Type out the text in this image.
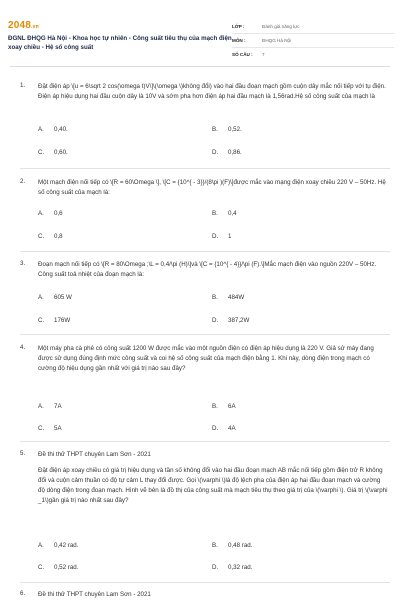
2048.vn
ĐGNL ĐHQG Hà Nội - Khoa học tự nhiên - Công suất tiêu thụ của mạch điện xoay chiều - Hệ số công suất
LỚP :	Đánh giá năng lực
MÔN :	ĐHQG Hà Nội
SỐ CÂU :	7
1. Đặt điện áp \[u = 6\sqrt 2 cos(\omega t)V\]\(\omega \)không đổi) vào hai đầu đoạn mạch gồm cuộn dây mắc nối tiếp với tụ điện. Điện áp hiệu dụng hai đầu cuộn dây là 10V và sớm pha hơn điện áp hai đầu mạch là 1,56rad.Hệ số công suất của mạch là
A. 0,40.	B. 0,52.
C. 0,60.	D. 0,86.
2. Một mạch điện nối tiếp có \[R = 60\Omega \], \[C = {10^{ - 3}}/(8\pi )(F)\]được mắc vào mạng điện xoay chiều 220 V – 50Hz. Hệ số công suất của mạch là:
A. 0,6	B. 0,4
C. 0,8	D. 1
3. Đoạn mạch nối tiếp có \[R = 80\Omega ;\L = 0,4/\pi (H)\]và \[C = {10^{ - 4}}/\pi (F).\]Mắc mạch điện vào nguồn 220V – 50Hz. Công suất toả nhiệt của đoạn mạch là:
A. 605 W	B. 484W
C. 176W	D. 387,2W
4. Một máy pha cà phê có công suất 1200 W được mắc vào một nguồn điện có điện áp hiệu dụng là 220 V. Giả sử máy đang được sử dụng đúng định mức công suất và coi hệ số công suất của mạch điện bằng 1. Khi này, dòng điện trong mạch có cường độ hiệu dụng gần nhất với giá trị nào sau đây?
A. 7A	B. 6A
C. 5A	D. 4A
5. Đề thi thử THPT chuyên Lam Sơn - 2021
Đặt điện áp xoay chiều có giá trị hiệu dụng và tần số không đổi vào hai đầu đoạn mạch AB mắc nối tiếp gồm điện trở R không đổi và cuộn cảm thuần có độ tự cảm L thay đổi được. Gọi \(\varphi \)là độ lệch pha của điện áp hai đầu đoạn mạch và cường độ dòng điện trong đoạn mạch. Hình vẽ bên là đồ thị của công suất mà mạch tiêu thụ theo giá trị của \(\varphi \). Giá trị \(\varphi _1\)gần giá trị nào nhất sau đây?
A. 0,42 rad.	B. 0,48 rad.
C. 0,52 rad.	D. 0,32 rad.
6. Đề thi thử THPT chuyên Lam Sơn - 2021
